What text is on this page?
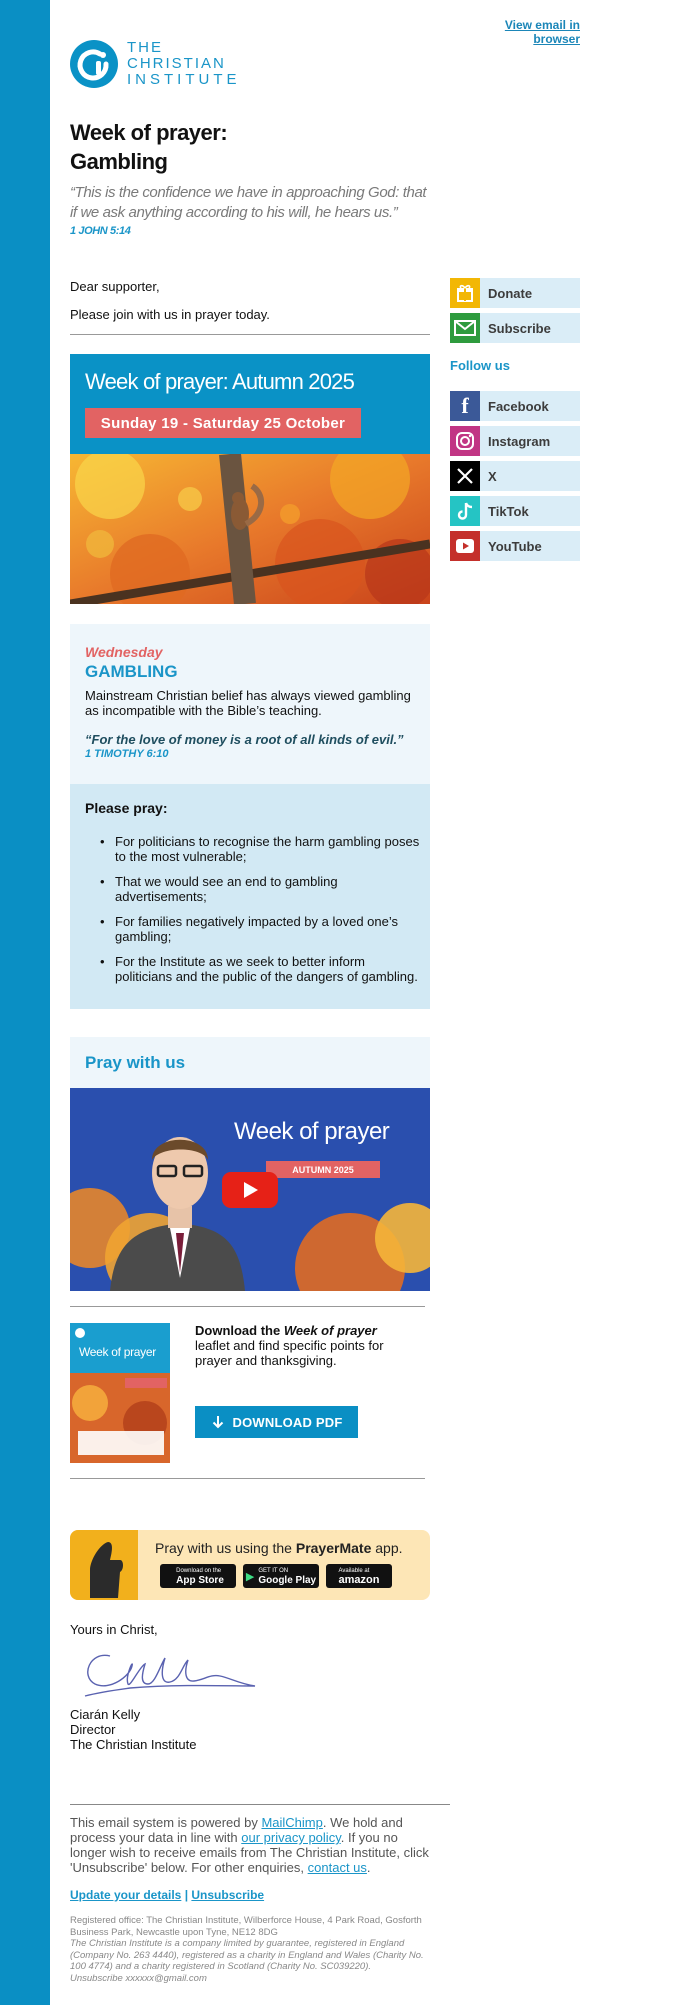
View email in browser
THE CHRISTIAN
INSTITUTE
Week of prayer:
Gambling
“This is the confidence we have in approaching God: that if we ask anything according to his will, he hears us.”
1 JOHN 5:14
Dear supporter,
Please join with us in prayer today.
Donate
Subscribe
Follow us
f Facebook
Instagram
X
TikTok
YouTube
Week of prayer: Autumn 2025
Sunday 19 - Saturday 25 October
Wednesday
GAMBLING
Mainstream Christian belief has always viewed gambling as incompatible with the Bible’s teaching.
“For the love of money is a root of all kinds of evil.”
1 TIMOTHY 6:10
Please pray:
• For politicians to recognise the harm gambling poses to the most vulnerable;
• That we would see an end to gambling advertisements;
• For families negatively impacted by a loved one’s gambling;
• For the Institute as we seek to better inform politicians and the public of the dangers of gambling.
Pray with us
Week of prayer
AUTUMN 2025
Week of prayer
Download the Week of prayer leaflet and find specific points for prayer and thanksgiving.
DOWNLOAD PDF
Pray with us using the PrayerMate app.
Download on the
App Store ▶ GET IT ON
Google Play
Available at
amazon
Yours in Christ,
Ciarán Kelly
Director
The Christian Institute
This email system is powered by MailChimp. We hold and process your data in line with our privacy policy. If you no longer wish to receive emails from The Christian Institute, click 'Unsubscribe' below. For other enquiries, contact us.
Update your details | Unsubscribe
Registered office: The Christian Institute, Wilberforce House, 4 Park Road, Gosforth Business Park, Newcastle upon Tyne, NE12 8DG
The Christian Institute is a company limited by guarantee, registered in England (Company No. 263 4440), registered as a charity in England and Wales (Charity No. 100 4774) and a charity registered in Scotland (Charity No. SC039220).
Unsubscribe xxxxxx@gmail.com
